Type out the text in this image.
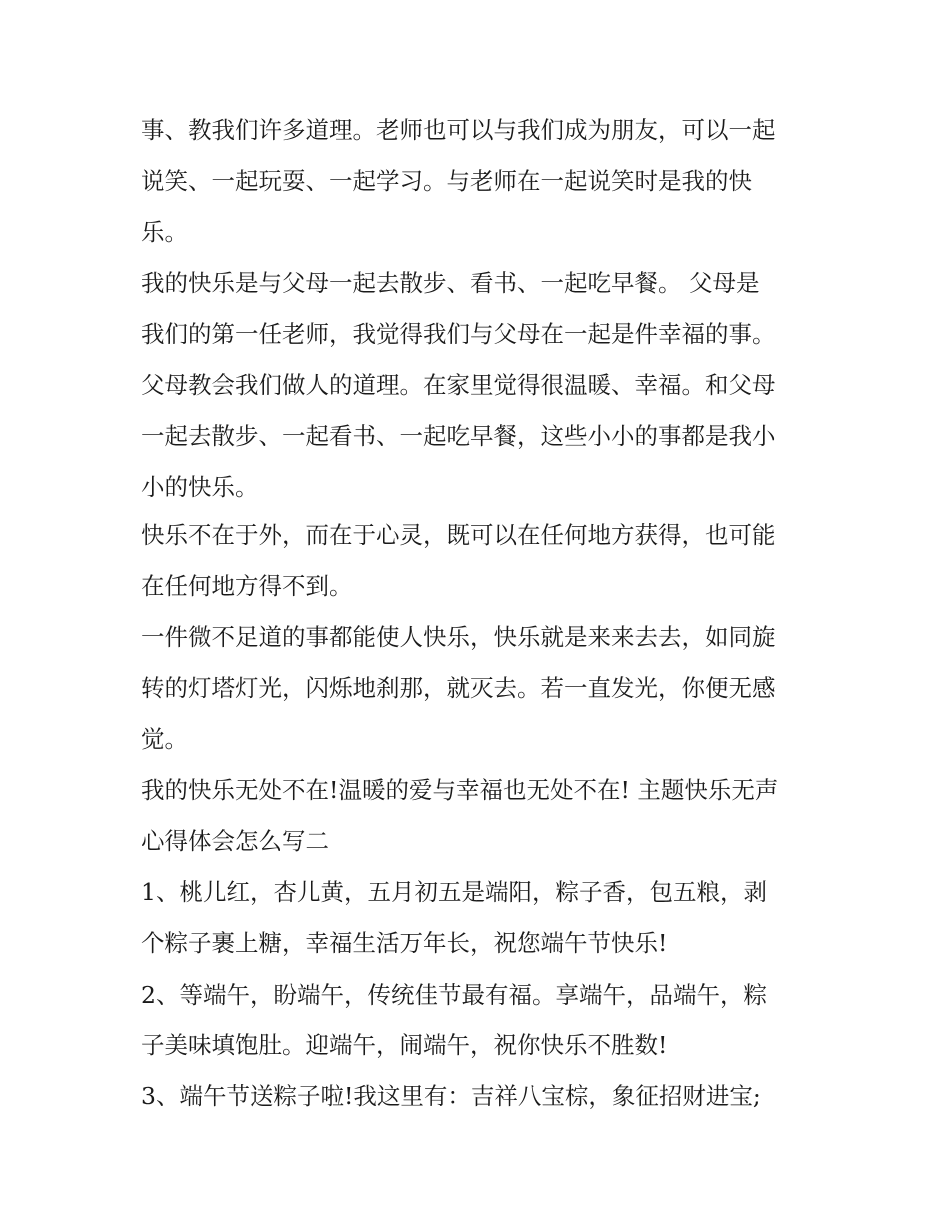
事、教我们许多道理。老师也可以与我们成为朋友，可以一起
说笑、一起玩耍、一起学习。与老师在一起说笑时是我的快
乐。
我的快乐是与父母一起去散步、看书、一起吃早餐。 父母是
我们的第一任老师，我觉得我们与父母在一起是件幸福的事。
父母教会我们做人的道理。在家里觉得很温暖、幸福。和父母
一起去散步、一起看书、一起吃早餐，这些小小的事都是我小
小的快乐。
快乐不在于外，而在于心灵，既可以在任何地方获得，也可能
在任何地方得不到。
一件微不足道的事都能使人快乐，快乐就是来来去去，如同旋
转的灯塔灯光，闪烁地刹那，就灭去。若一直发光，你便无感
觉。
我的快乐无处不在!温暖的爱与幸福也无处不在! 主题快乐无声
心得体会怎么写二
1、桃儿红，杏儿黄，五月初五是端阳，粽子香，包五粮，剥
个粽子裹上糖，幸福生活万年长，祝您端午节快乐!
2、等端午，盼端午，传统佳节最有福。享端午，品端午，粽
子美味填饱肚。迎端午，闹端午，祝你快乐不胜数!
3、端午节送粽子啦!我这里有：吉祥八宝棕，象征招财进宝;
